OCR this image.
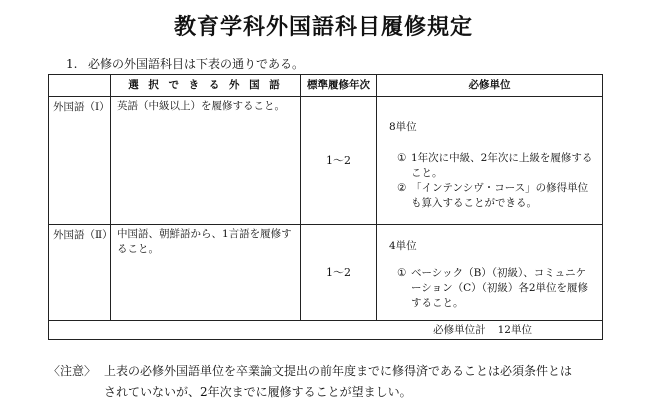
教育学科外国語科目履修規定
1. 必修の外国語科目は下表の通りである。
	選 択 で き る 外 国 語	標準履修年次	必修単位
外国語（Ⅰ）	英語（中級以上）を履修すること。	1～2	8単位
① 1年次に中級、2年次に上級を履修すること。
② 「インテンシヴ・コース」の修得単位も算入することができる。

外国語（Ⅱ）	中国語、朝鮮語から、1言語を履修すること。	1～2	4単位
① ベーシック（B）（初級）、コミュニケーション（C）（初級）各2単位を履修すること。

必修単位計 12単位			
〈注意〉 上表の必修外国語単位を卒業論文提出の前年度までに修得済であることは必須条件とは
されていないが、2年次までに履修することが望ましい。
